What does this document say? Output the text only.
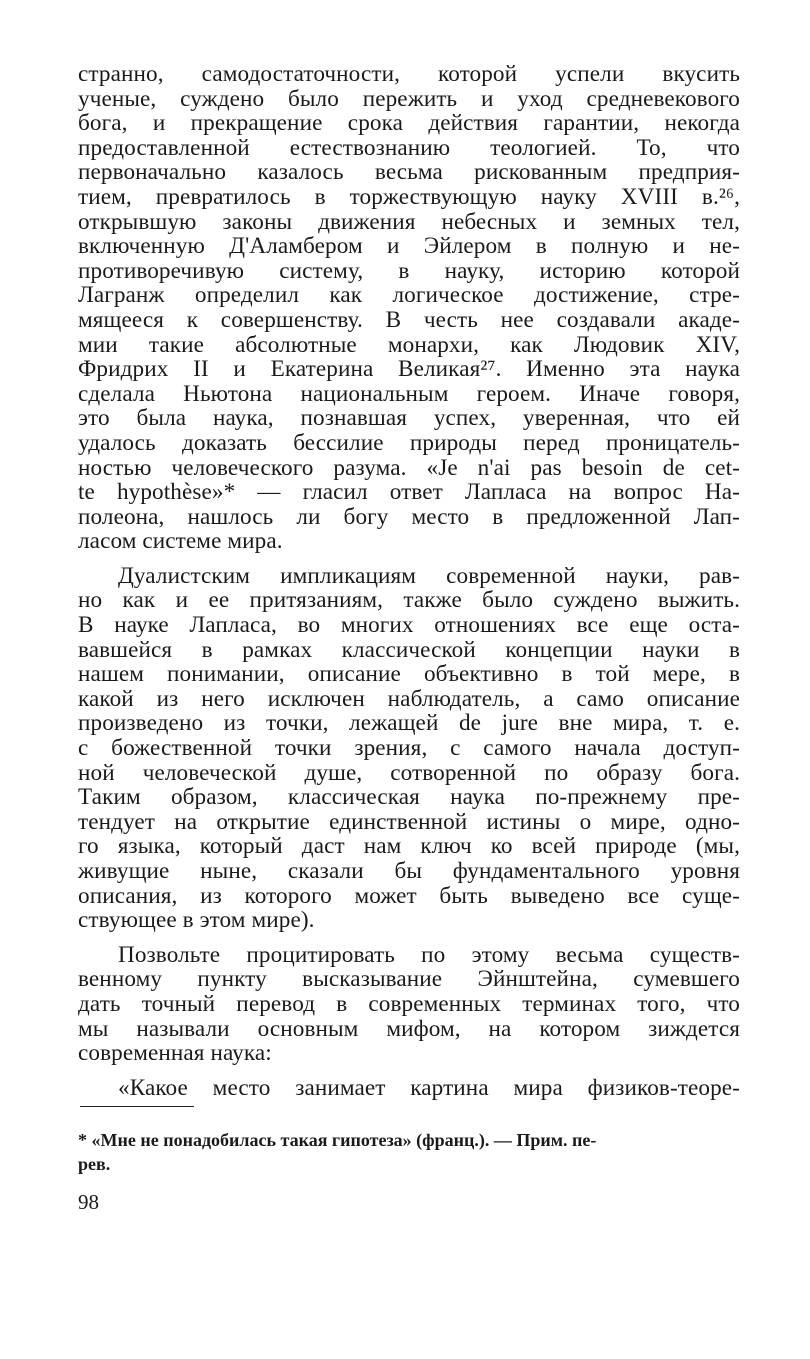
странно, самодостаточности, которой успели вкусить
ученые, суждено было пережить и уход средневекового
бога, и прекращение срока действия гарантии, некогда
предоставленной естествознанию теологией. То, что
первоначально казалось весьма рискованным предприя-
тием, превратилось в торжествующую науку XVIII в.²⁶,
открывшую законы движения небесных и земных тел,
включенную Д'Аламбером и Эйлером в полную и не-
противоречивую систему, в науку, историю которой
Лагранж определил как логическое достижение, стре-
мящееся к совершенству. В честь нее создавали акаде-
мии такие абсолютные монархи, как Людовик XIV,
Фридрих II и Екатерина Великая²⁷. Именно эта наука
сделала Ньютона национальным героем. Иначе говоря,
это была наука, познавшая успех, уверенная, что ей
удалось доказать бессилие природы перед проницатель-
ностью человеческого разума. «Je n'ai pas besoin de cet-
te hypothèse»* — гласил ответ Лапласа на вопрос На-
полеона, нашлось ли богу место в предложенной Лап-
ласом системе мира.

Дуалистским импликациям современной науки, рав-
но как и ее притязаниям, также было суждено выжить.
В науке Лапласа, во многих отношениях все еще оста-
вавшейся в рамках классической концепции науки в
нашем понимании, описание объективно в той мере, в
какой из него исключен наблюдатель, а само описание
произведено из точки, лежащей de jure вне мира, т. е.
с божественной точки зрения, с самого начала доступ-
ной человеческой душе, сотворенной по образу бога.
Таким образом, классическая наука по-прежнему пре-
тендует на открытие единственной истины о мире, одно-
го языка, который даст нам ключ ко всей природе (мы,
живущие ныне, сказали бы фундаментального уровня
описания, из которого может быть выведено все суще-
ствующее в этом мире).

Позвольте процитировать по этому весьма существ-
венному пункту высказывание Эйнштейна, сумевшего
дать точный перевод в современных терминах того, что
мы называли основным мифом, на котором зиждется
современная наука:

«Какое место занимает картина мира физиков-теоре-

* «Мне не понадобилась такая гипотеза» (франц.). — Прим. пе-
рев.
98
